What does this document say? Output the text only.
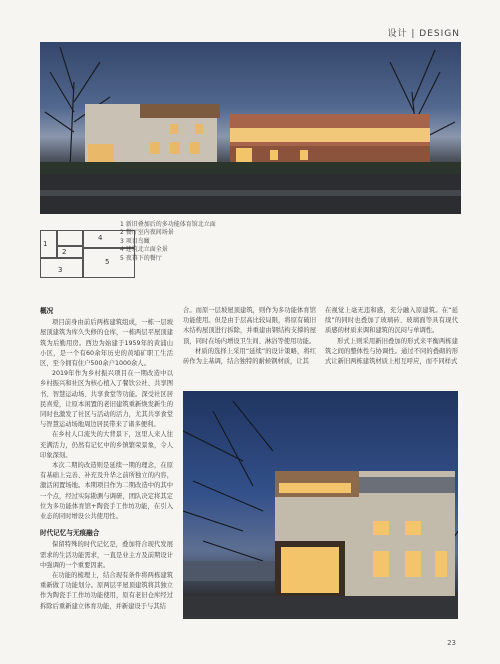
设计 | DESIGN
1
2
3
4
5
1 新旧叠加后的多功能体育馆北立面
2 餐厅室内夜间场景
3 项目鸟瞰
4 建筑北立面全景
5 夜幕下的餐厅

概况

项目前身由前后两栋建筑组成，一栋一层坡屋顶建筑为库久失修的仓库，一栋两层平屋顶建筑为后勤用房。西边为始建于1959年的黄浦山小区，是一个有60余年历史的黄埔矿职工生活区，至今拥有住户500余户1000余人。

2019年作为乡村振兴项目在一期改造中以乡村振兴和社区为核心植入了餐饮公社、共享图书、智慧运动场、共享食堂等功能。深受社区居民喜爱，让原本闲置的老旧建筑重新焕发新生的同时也激发了社区与活动的活力，尤其共享食堂与智慧运动场地周边居民带来了诸多便利。

在乡村人口流失的大背景下，这里人来人往充满活力，仍然有记忆中的乡镇繁荣景象，令人印象深刻。

本次二期的改造则是延续一期的理念，在原有基础上完善、补充及升华之前所独立的内容，激活闲置场地。本期项目作为二期改造中的其中一个点，经过实际勘测与调研，团队决定将其定位为多功能体育馆+陶瓷手工作坊功能，在引入业态的同时增设公共使用性。

时代记忆与无痕融合

保留特殊的时代记忆是，叠加符合现代发展需求的生活功能需求，一直是业主方及前期设计中强调的一个重要因素。

在功能的梳理上，结合现有条件将两栋建筑重新做了功能划分。原两层平屋顶建筑将其独立作为陶瓷手工作坊功能使用，原有老旧仓库经过拆除后重新建立体育功能，并新建设于与其结

合。而原一层坡屋顶建筑，则作为多功能体育馆功能使用。但是由于层高比较局限，将原有破旧木结构屋顶进行拆除，并重建由钢结构支撑的屋顶，同时在场内增设卫生间、淋浴等使用功能。

材质的选择上采用“延续”的设计策略，将红砖作为主基调，结合独特的耐候钢材质，让其

在视觉上毫无违和感，充分融入原建筑。在“延续”的同时也叠加了玻璃砖、玻璃面等具有现代质感的材质来调和建筑的沉闷与单调性。

形式上则采用新旧叠加的形式来平衡两栋建筑之间的整体性与协调性。通过不同的叠砌的形式让新旧两栋建筑材质上相互呼应，而不同样式

23
